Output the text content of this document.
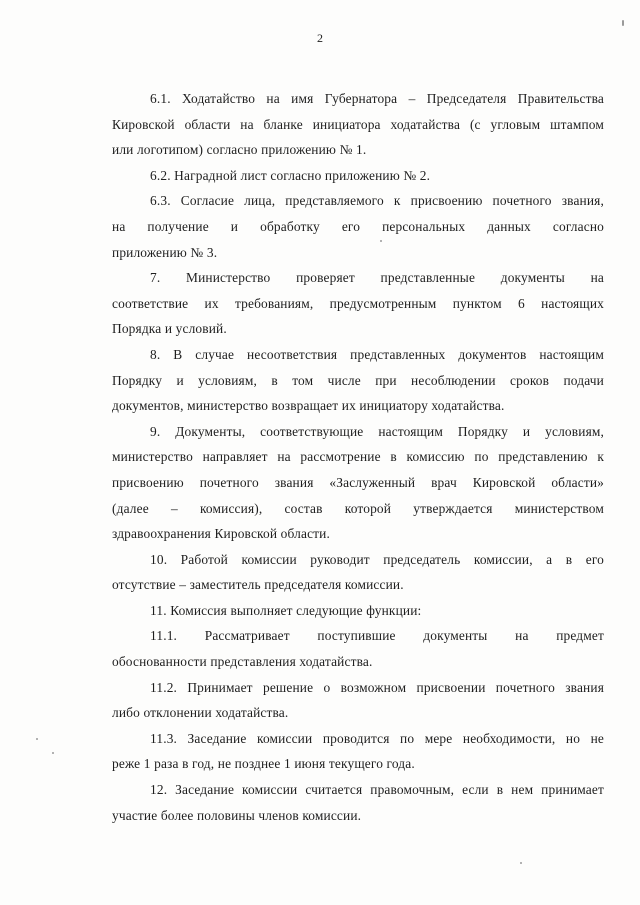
2
6.1. Ходатайство на имя Губернатора – Председателя Правительства
Кировской области на бланке инициатора ходатайства (с угловым штампом
или логотипом) согласно приложению № 1.
6.2. Наградной лист согласно приложению № 2.
6.3. Согласие лица, представляемого к присвоению почетного звания,
на получение и обработку его персональных данных согласно
приложению № 3.
7. Министерство проверяет представленные документы на
соответствие их требованиям, предусмотренным пунктом 6 настоящих
Порядка и условий.
8. В случае несоответствия представленных документов настоящим
Порядку и условиям, в том числе при несоблюдении сроков подачи
документов, министерство возвращает их инициатору ходатайства.
9. Документы, соответствующие настоящим Порядку и условиям,
министерство направляет на рассмотрение в комиссию по представлению к
присвоению почетного звания «Заслуженный врач Кировской области»
(далее – комиссия), состав которой утверждается министерством
здравоохранения Кировской области.
10. Работой комиссии руководит председатель комиссии, а в его
отсутствие – заместитель председателя комиссии.
11. Комиссия выполняет следующие функции:
11.1. Рассматривает поступившие документы на предмет
обоснованности представления ходатайства.
11.2. Принимает решение о возможном присвоении почетного звания
либо отклонении ходатайства.
11.3. Заседание комиссии проводится по мере необходимости, но не
реже 1 раза в год, не позднее 1 июня текущего года.
12. Заседание комиссии считается правомочным, если в нем принимает
участие более половины членов комиссии.
